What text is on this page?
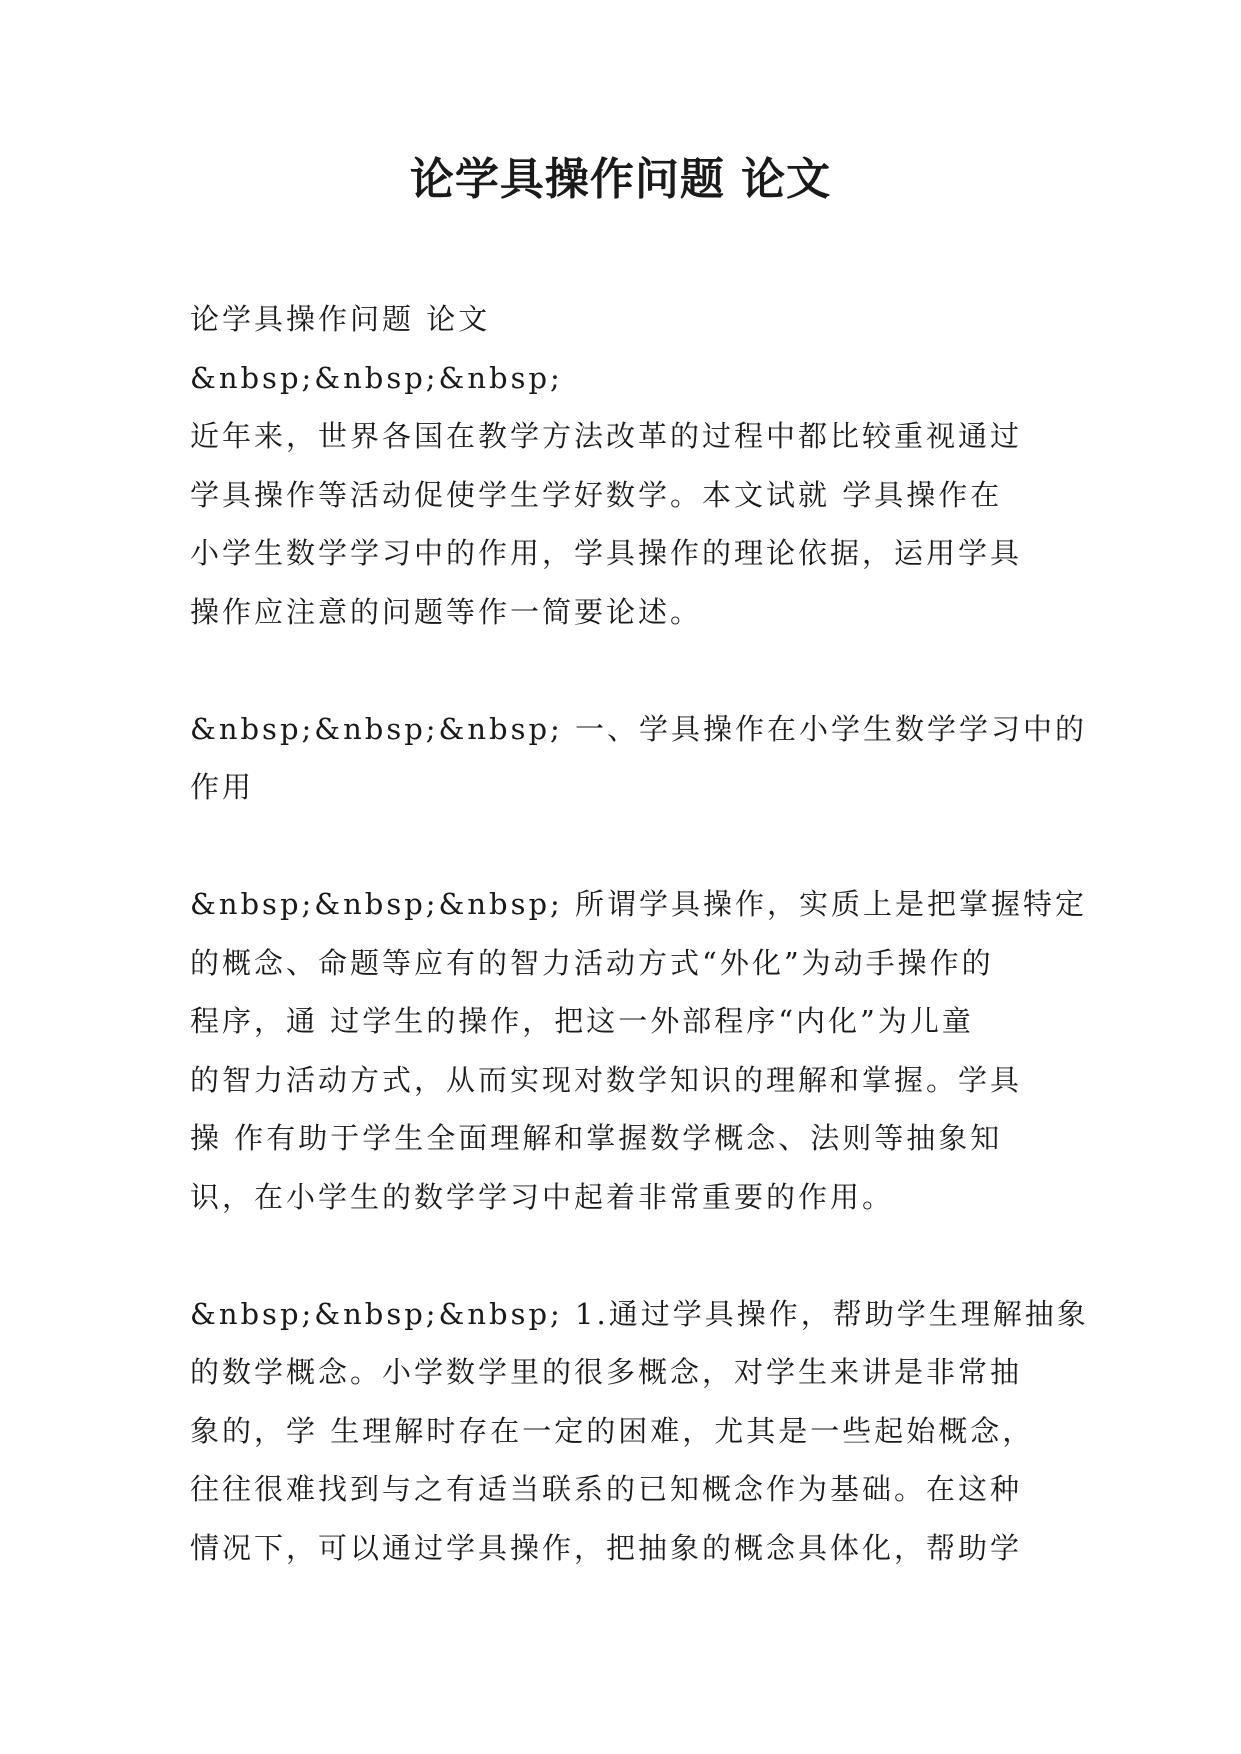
论学具操作问题 论文
论学具操作问题 论文
&nbsp;&nbsp;&nbsp;
近年来，世界各国在教学方法改革的过程中都比较重视通过
学具操作等活动促使学生学好数学。本文试就 学具操作在
小学生数学学习中的作用，学具操作的理论依据，运用学具
操作应注意的问题等作一简要论述。
&nbsp;&nbsp;&nbsp; 一、学具操作在小学生数学学习中的
作用
&nbsp;&nbsp;&nbsp; 所谓学具操作，实质上是把掌握特定
的概念、命题等应有的智力活动方式“外化”为动手操作的
程序，通 过学生的操作，把这一外部程序“内化”为儿童
的智力活动方式，从而实现对数学知识的理解和掌握。学具
操 作有助于学生全面理解和掌握数学概念、法则等抽象知
识，在小学生的数学学习中起着非常重要的作用。
&nbsp;&nbsp;&nbsp; 1.通过学具操作，帮助学生理解抽象
的数学概念。小学数学里的很多概念，对学生来讲是非常抽
象的，学 生理解时存在一定的困难，尤其是一些起始概念，
往往很难找到与之有适当联系的已知概念作为基础。在这种
情况下，可以通过学具操作，把抽象的概念具体化，帮助学
